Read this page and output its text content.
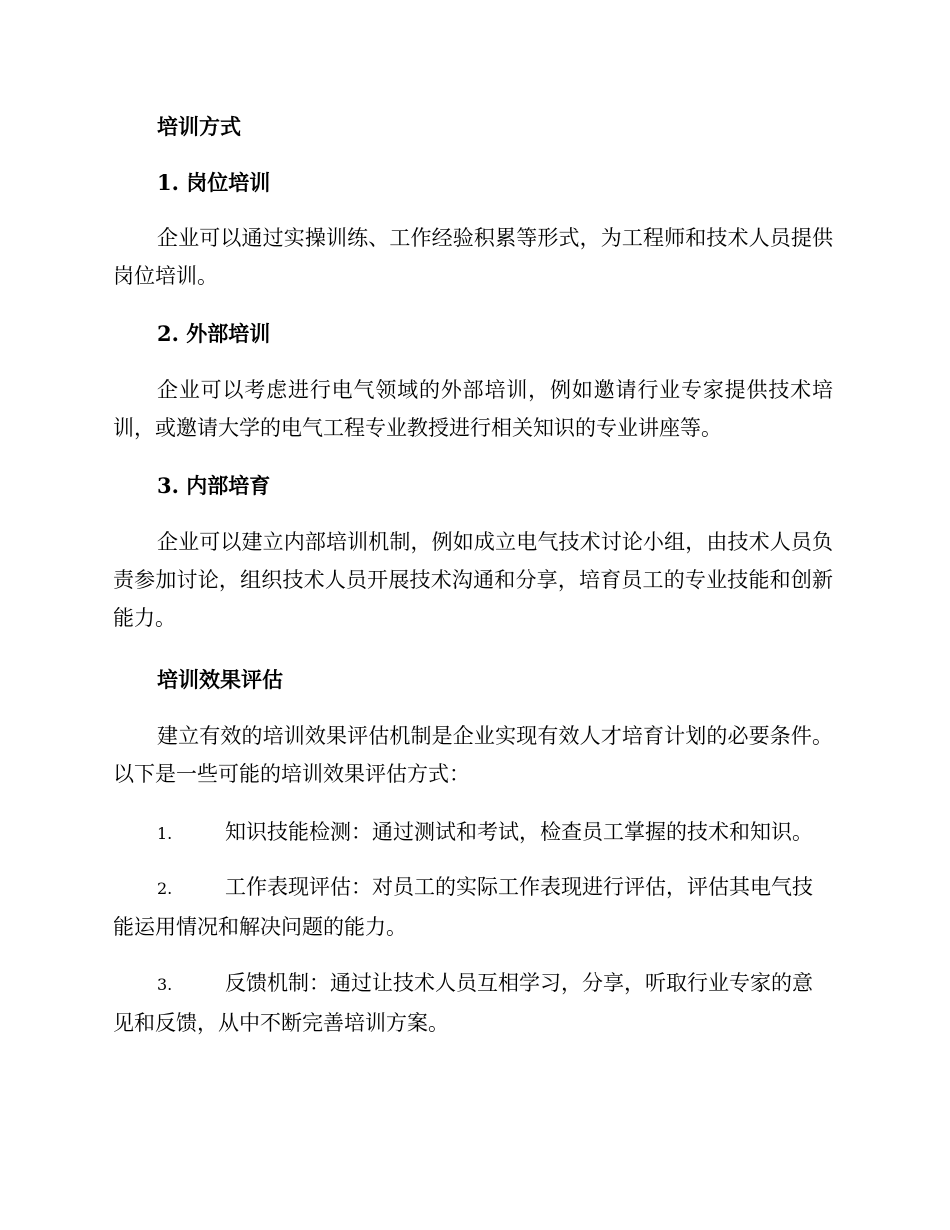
培训方式

1. 岗位培训

企业可以通过实操训练、工作经验积累等形式，为工程师和技术人员提供岗位培训。

2. 外部培训

企业可以考虑进行电气领域的外部培训，例如邀请行业专家提供技术培训，或邀请大学的电气工程专业教授进行相关知识的专业讲座等。

3. 内部培育

企业可以建立内部培训机制，例如成立电气技术讨论小组，由技术人员负责参加讨论，组织技术人员开展技术沟通和分享，培育员工的专业技能和创新能力。

培训效果评估

建立有效的培训效果评估机制是企业实现有效人才培育计划的必要条件。以下是一些可能的培训效果评估方式：

1.	知识技能检测：通过测试和考试，检查员工掌握的技术和知识。

2.	工作表现评估：对员工的实际工作表现进行评估，评估其电气技能运用情况和解决问题的能力。

3.	反馈机制：通过让技术人员互相学习，分享，听取行业专家的意见和反馈，从中不断完善培训方案。
